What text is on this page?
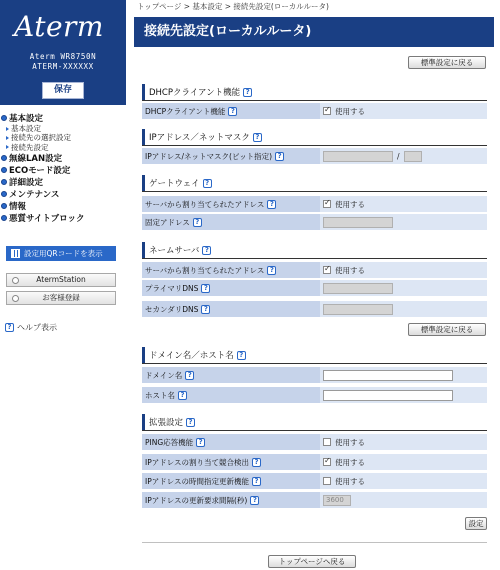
Aterm
Aterm WR8750N
ATERM-XXXXXX
保存
基本設定
基本設定
接続先の選択設定
接続先設定
無線LAN設定
ECOモード設定
詳細設定
メンテナンス
情報
悪質サイトブロック
設定用QRコードを表示
AtermStation
お客様登録
? ヘルプ表示
トップページ > 基本設定 > 接続先設定(ローカルルータ)
接続先設定(ローカルルータ)
標準設定に戻る
DHCPクライアント機能 ?
DHCPクライアント機能 ? ✓	使用する
IPアドレス／ネットマスク ?
IPアドレス/ネットマスク(ビット指定) ?	/
ゲートウェイ ?
サーバから割り当てられたアドレス ? ✓	使用する
固定アドレス ?
ネームサーバ ?
サーバから割り当てられたアドレス ? ✓	使用する
プライマリDNS ?
セカンダリDNS ?
標準設定に戻る
ドメイン名／ホスト名 ?
ドメイン名 ?
ホスト名 ?
拡張設定 ?
PING応答機能 ?	使用する
IPアドレスの割り当て競合検出 ? ✓	使用する
IPアドレスの時間指定更新機能 ?	使用する
IPアドレスの更新要求間隔(秒) ?	3600
設定
トップページへ戻る
